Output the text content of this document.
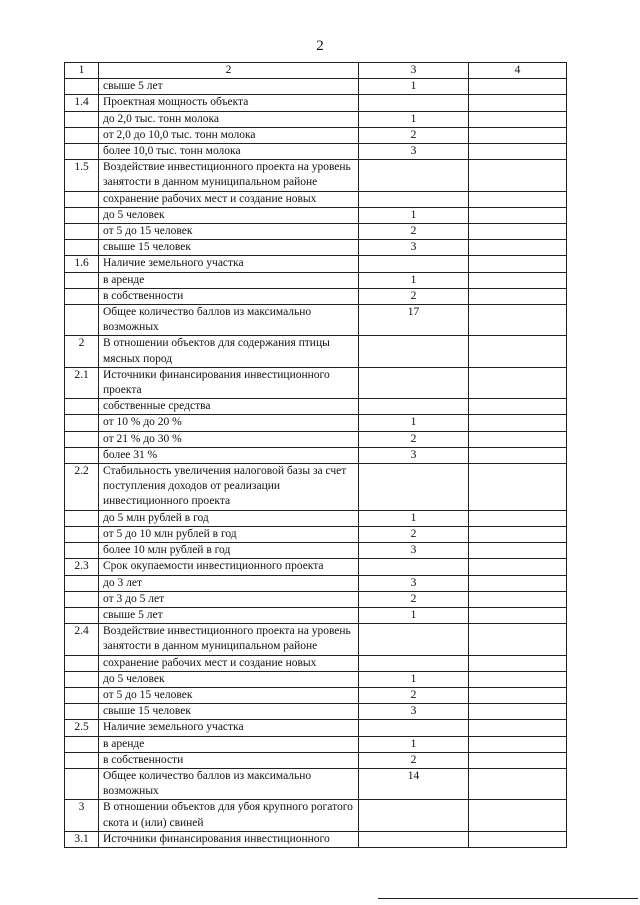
2
1	2	3	4
	свыше 5 лет	1	
1.4	Проектная мощность объекта		
	до 2,0 тыс. тонн молока	1	
	от 2,0 до 10,0 тыс. тонн молока	2	
	более 10,0 тыс. тонн молока	3	
1.5	Воздействие инвестиционного проекта на уровень занятости в данном муниципальном районе		
	сохранение рабочих мест и создание новых		
	до 5 человек	1	
	от 5 до 15 человек	2	
	свыше 15 человек	3	
1.6	Наличие земельного участка		
	в аренде	1	
	в собственности	2	
	Общее количество баллов из максимально возможных	17	
2	В отношении объектов для содержания птицы мясных пород		
2.1	Источники финансирования инвестиционного проекта		
	собственные средства		
	от 10 % до 20 %	1	
	от 21 % до 30 %	2	
	более 31 %	3	
2.2	Стабильность увеличения налоговой базы за счет поступления доходов от реализации инвестиционного проекта		
	до 5 млн рублей в год	1	
	от 5 до 10 млн рублей в год	2	
	более 10 млн рублей в год	3	
2.3	Срок окупаемости инвестиционного проекта		
	до 3 лет	3	
	от 3 до 5 лет	2	
	свыше 5 лет	1	
2.4	Воздействие инвестиционного проекта на уровень занятости в данном муниципальном районе		
	сохранение рабочих мест и создание новых		
	до 5 человек	1	
	от 5 до 15 человек	2	
	свыше 15 человек	3	
2.5	Наличие земельного участка		
	в аренде	1	
	в собственности	2	
	Общее количество баллов из максимально возможных	14	
3	В отношении объектов для убоя крупного рогатого скота и (или) свиней		
3.1	Источники финансирования инвестиционного		
